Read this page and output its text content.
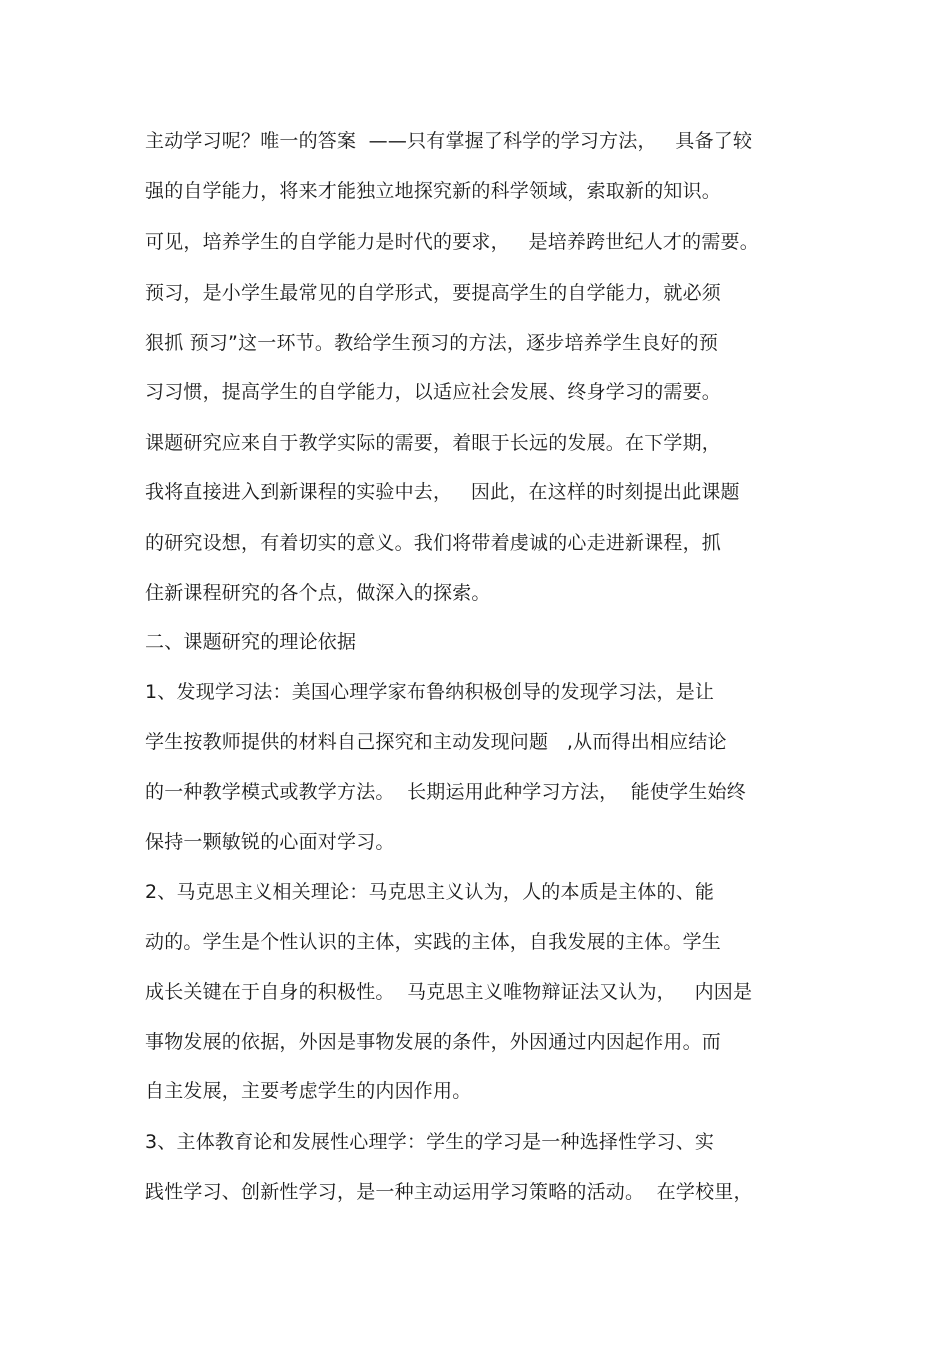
主动学习呢？唯一的答案  ——只有掌握了科学的学习方法，   具备了较
强的自学能力，将来才能独立地探究新的科学领域，索取新的知识。
可见，培养学生的自学能力是时代的要求，   是培养跨世纪人才的需要。
预习，是小学生最常见的自学形式，要提高学生的自学能力，就必须
狠抓 预习”这一环节。教给学生预习的方法，逐步培养学生良好的预
习习惯，提高学生的自学能力，以适应社会发展、终身学习的需要。
课题研究应来自于教学实际的需要，着眼于长远的发展。在下学期，
我将直接进入到新课程的实验中去，   因此，在这样的时刻提出此课题
的研究设想，有着切实的意义。我们将带着虔诚的心走进新课程，抓
住新课程研究的各个点，做深入的探索。
二、课题研究的理论依据
1、发现学习法：美国心理学家布鲁纳积极创导的发现学习法，是让
学生按教师提供的材料自己探究和主动发现问题   ,从而得出相应结论
的一种教学模式或教学方法。  长期运用此种学习方法，  能使学生始终
保持一颗敏锐的心面对学习。
2、马克思主义相关理论：马克思主义认为，人的本质是主体的、能
动的。学生是个性认识的主体，实践的主体，自我发展的主体。学生
成长关键在于自身的积极性。  马克思主义唯物辩证法又认为，   内因是
事物发展的依据，外因是事物发展的条件，外因通过内因起作用。而
自主发展，主要考虑学生的内因作用。
3、主体教育论和发展性心理学：学生的学习是一种选择性学习、实
践性学习、创新性学习，是一种主动运用学习策略的活动。  在学校里，
